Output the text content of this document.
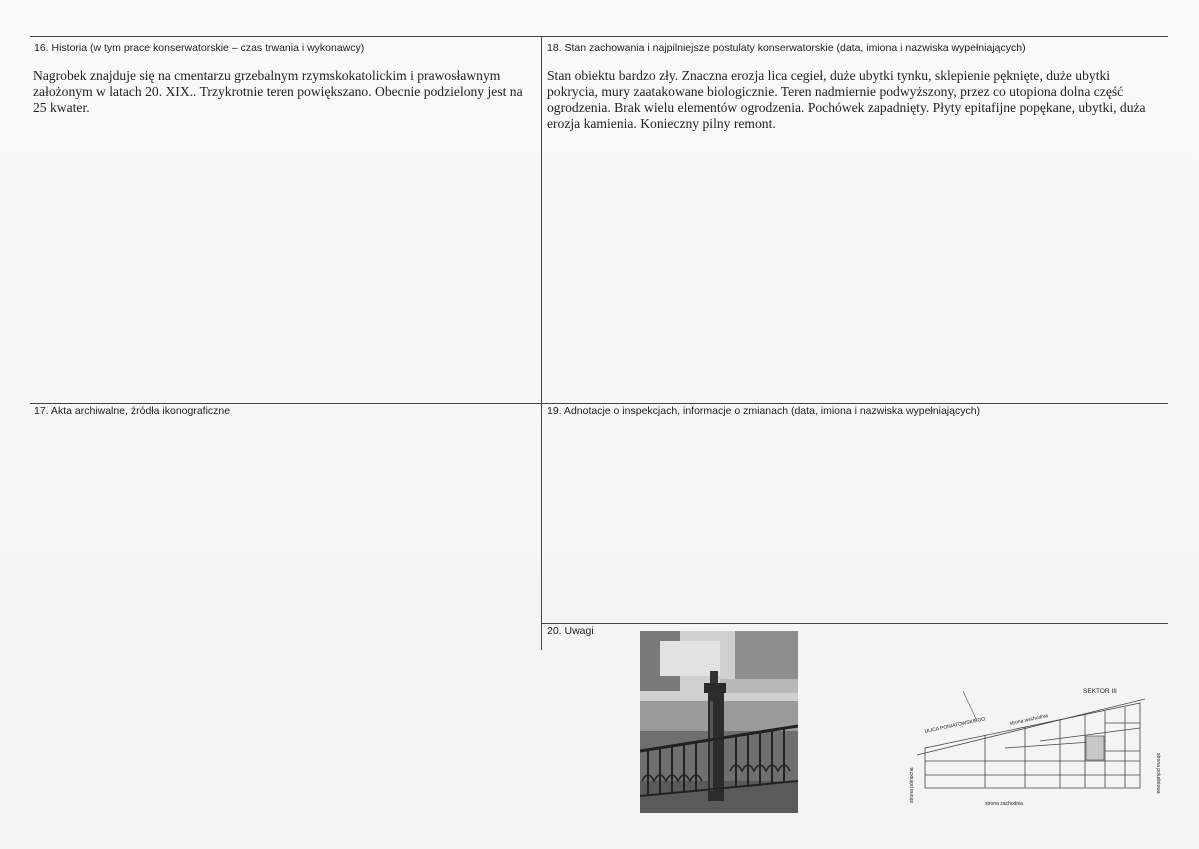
16. Historia (w tym prace konserwatorskie – czas trwania i wykonawcy)
Nagrobek znajduje się na cmentarzu grzebalnym rzymskokatolickim i prawosławnym założonym w latach 20. XIX.. Trzykrotnie teren powiększano. Obecnie podzielony jest na 25 kwater.
18. Stan zachowania i najpilniejsze postulaty konserwatorskie (data, imiona i nazwiska wypełniających)
Stan obiektu bardzo zły. Znaczna erozja lica cegieł, duże ubytki tynku, sklepienie pęknięte, duże ubytki pokrycia, mury zaatakowane biologicznie. Teren nadmiernie podwyższony, przez co utopiona dolna część ogrodzenia. Brak wielu elementów ogrodzenia. Pochówek zapadnięty. Płyty epitafijne popękane, ubytki, duża erozja kamienia. Konieczny pilny remont.
17. Akta archiwalne, źródła ikonograficzne	19. Adnotacje o inspekcjach, informacje o zmianach (data, imiona i nazwiska wypełniających)
20. Uwagi
SEKTOR III
ULICA PONIATOWSKIEGO	strona wschodnia
strona zachodnia
strona południowa
strona północna
